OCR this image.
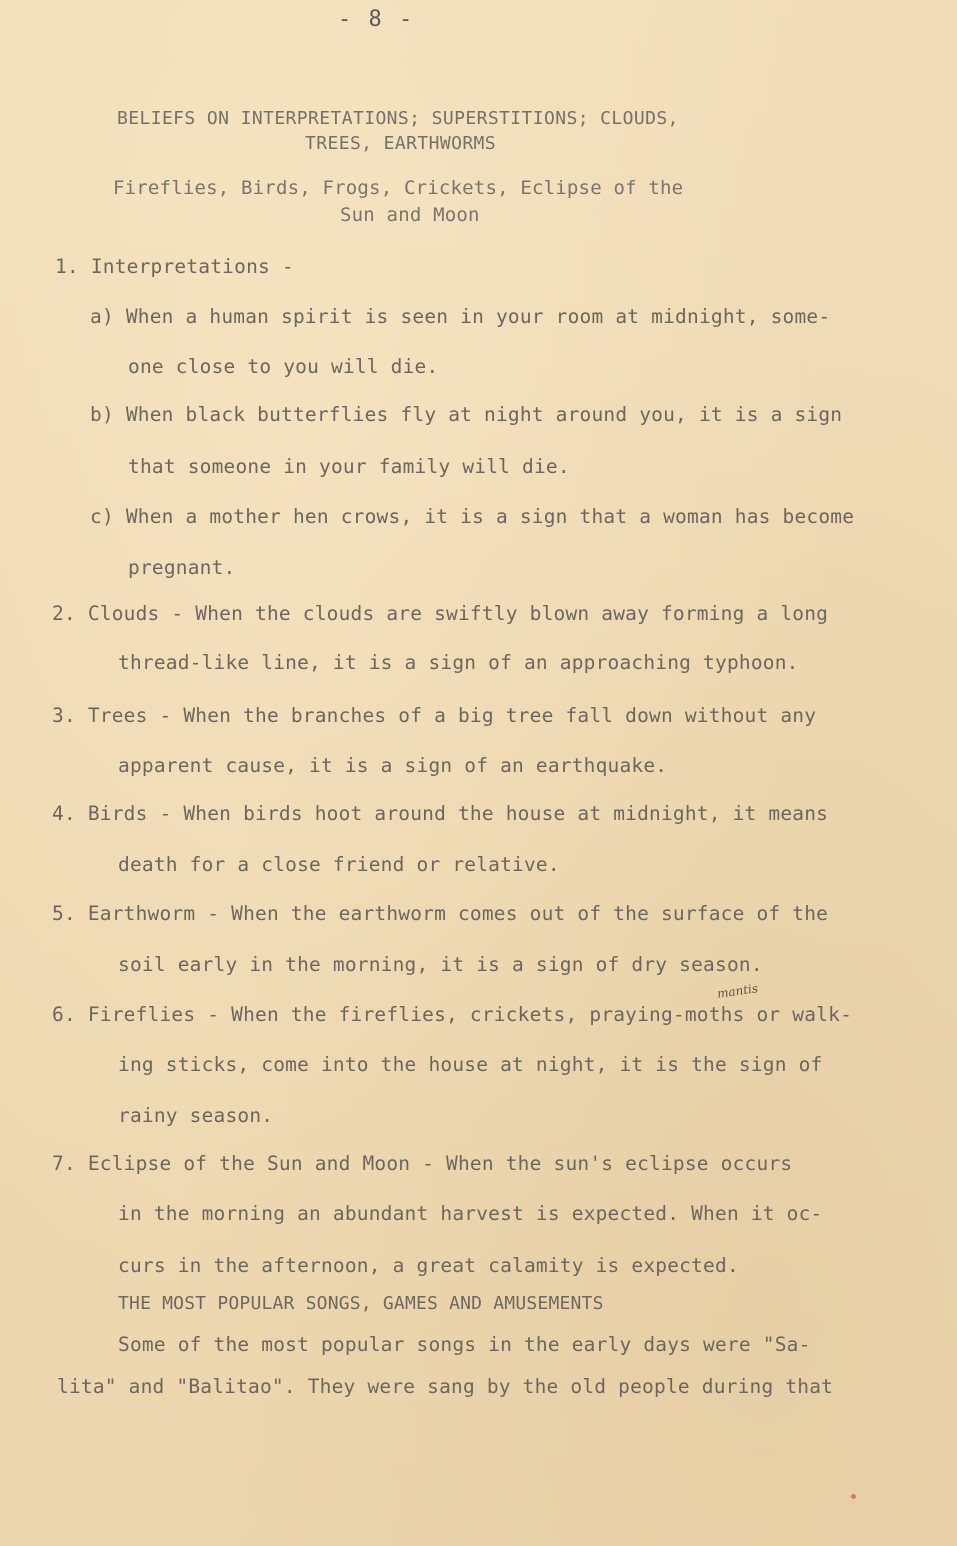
- 8 -
BELIEFS ON INTERPRETATIONS; SUPERSTITIONS; CLOUDS,
TREES, EARTHWORMS
Fireflies, Birds, Frogs, Crickets, Eclipse of the
Sun and Moon
1. Interpretations -
a) When a human spirit is seen in your room at midnight, some-
one close to you will die.
b) When black butterflies fly at night around you, it is a sign
that someone in your family will die.
c) When a mother hen crows, it is a sign that a woman has become
pregnant.
2. Clouds - When the clouds are swiftly blown away forming a long
thread-like line, it is a sign of an approaching typhoon.
3. Trees - When the branches of a big tree fall down without any
apparent cause, it is a sign of an earthquake.
4. Birds - When birds hoot around the house at midnight, it means
death for a close friend or relative.
5. Earthworm - When the earthworm comes out of the surface of the
soil early in the morning, it is a sign of dry season.
mantis
6. Fireflies - When the fireflies, crickets, praying-moths or walk-
ing sticks, come into the house at night, it is the sign of
rainy season.
7. Eclipse of the Sun and Moon - When the sun's eclipse occurs
in the morning an abundant harvest is expected. When it oc-
curs in the afternoon, a great calamity is expected.
THE MOST POPULAR SONGS, GAMES AND AMUSEMENTS
Some of the most popular songs in the early days were "Sa-
lita" and "Balitao". They were sang by the old people during that
